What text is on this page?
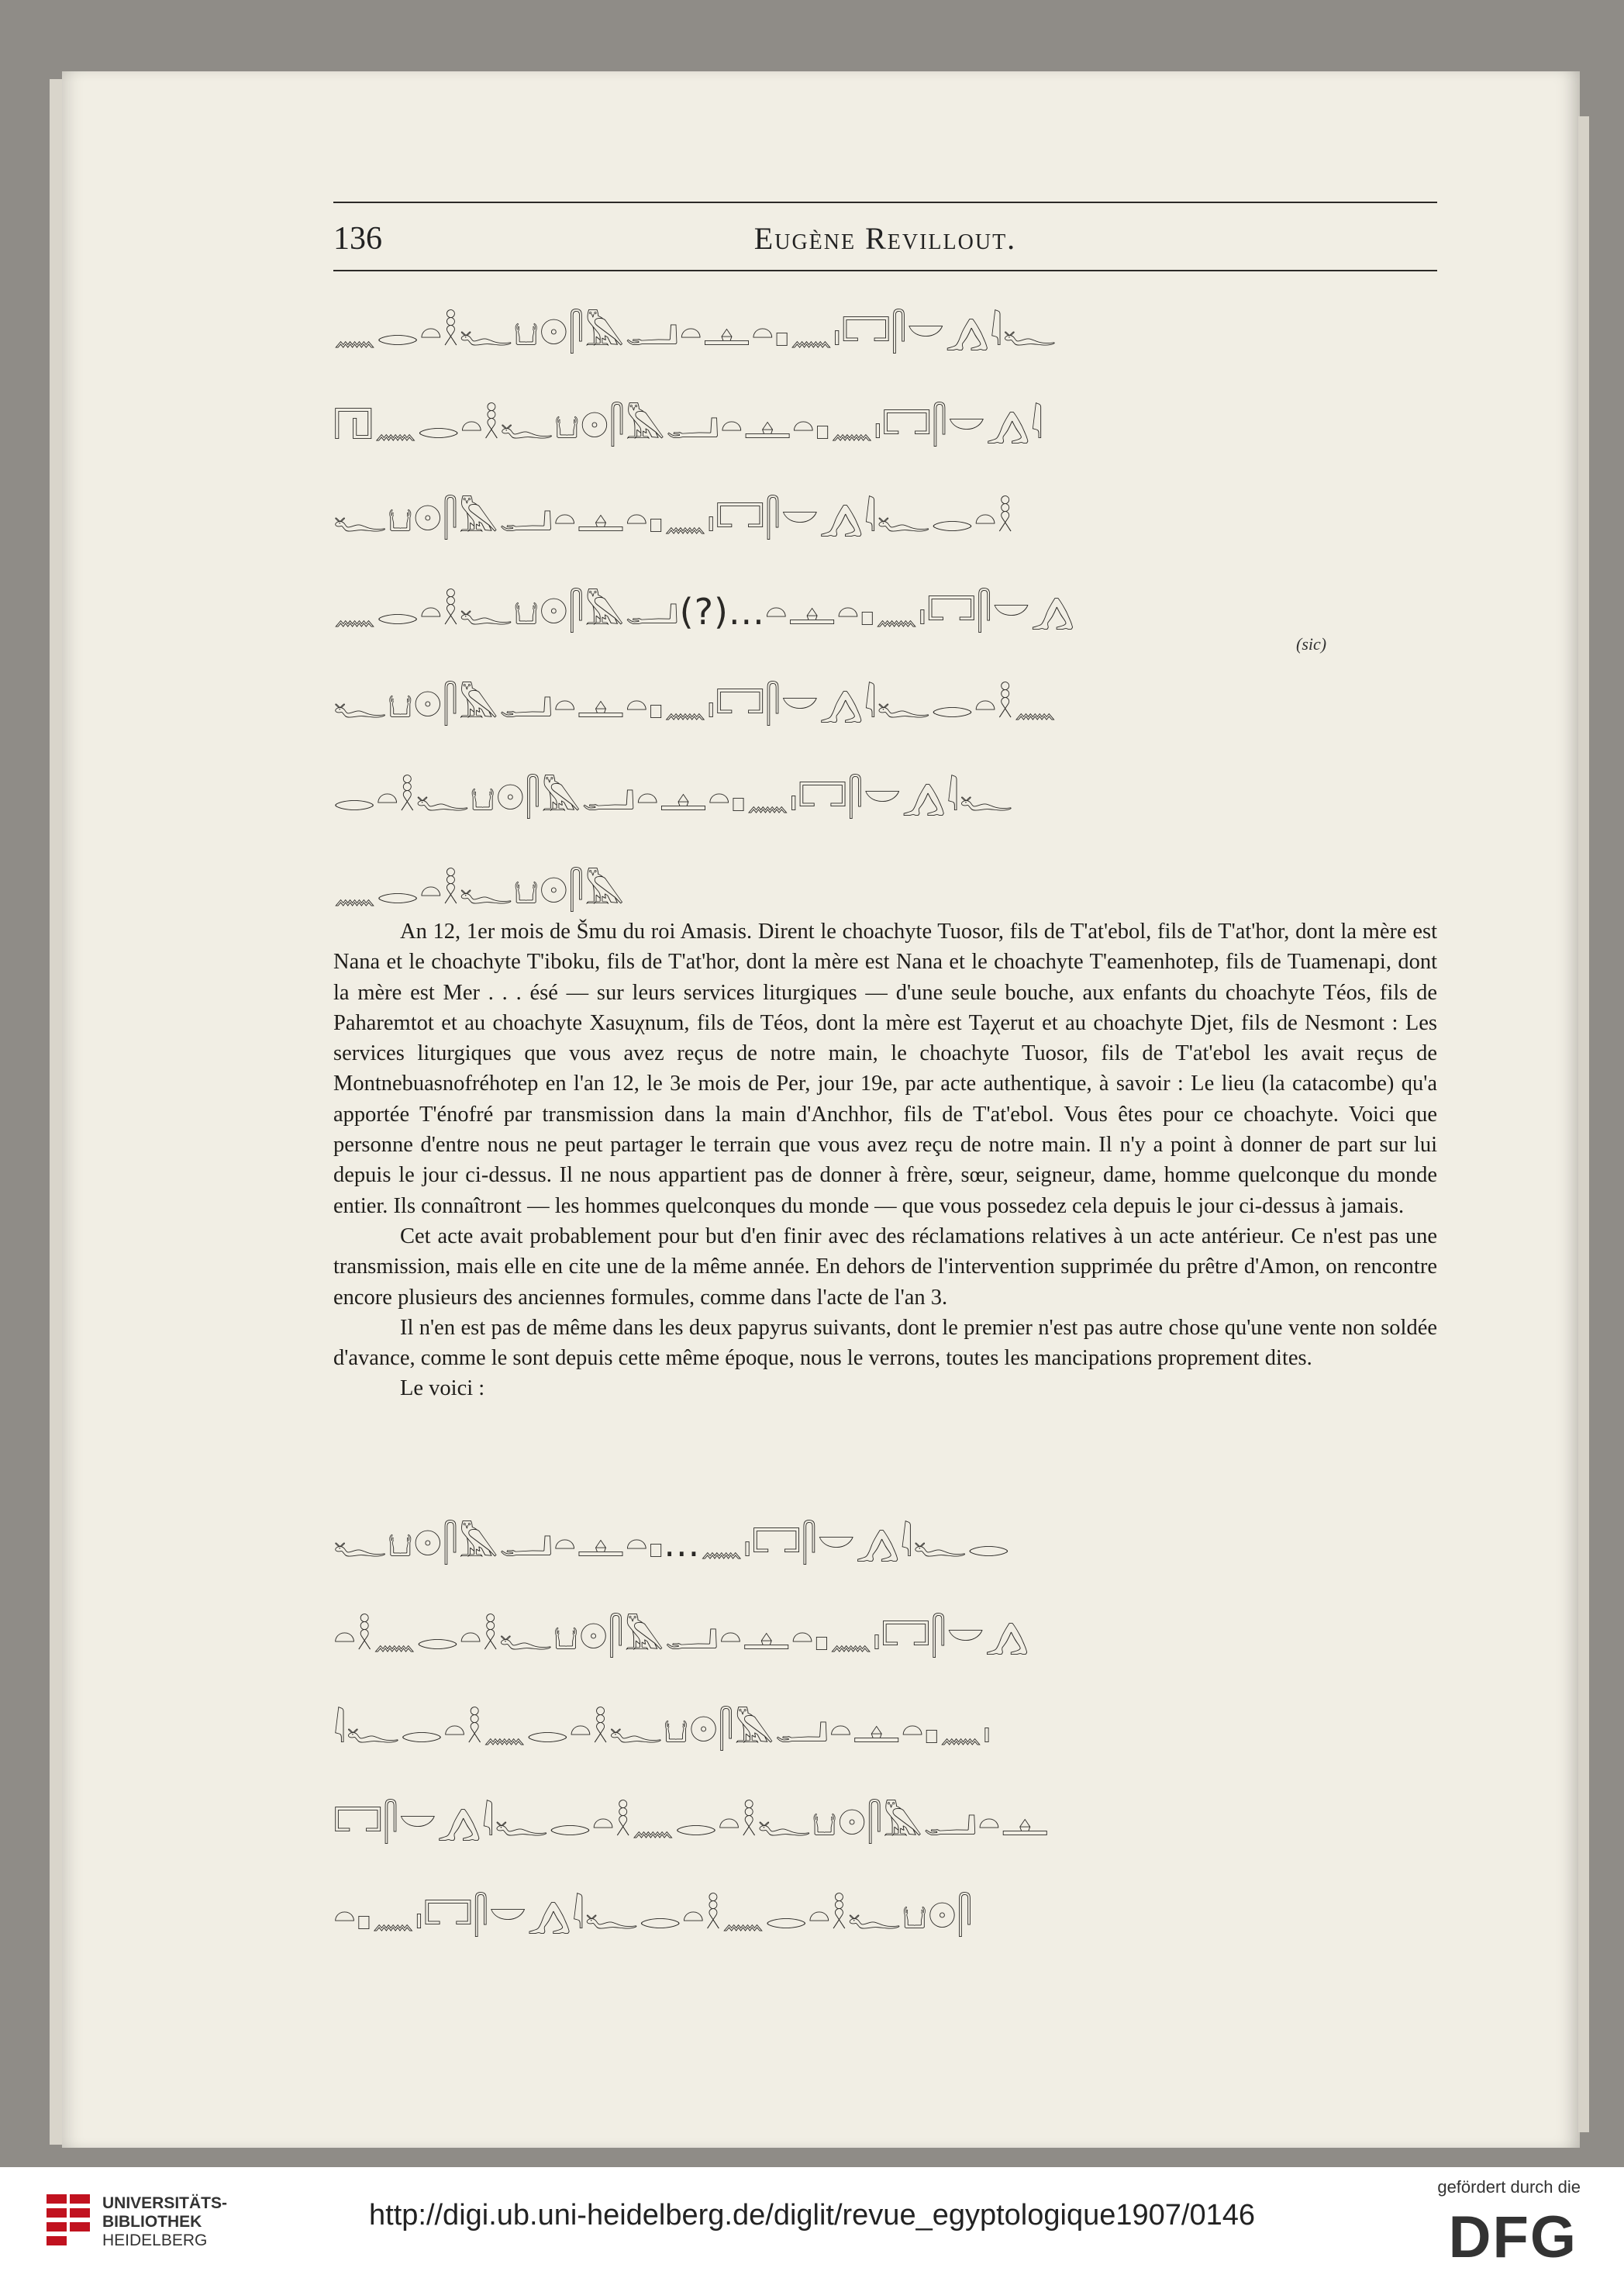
136	Eugène Revillout.
𓈖𓂋𓏏𓎛𓆑𓂓𓇳𓋴𓅓𓂝𓏏𓊵𓏏𓊪𓈖𓏤𓉐𓋴𓎟𓂻𓇋𓆑
𓉔𓈖𓂋𓏏𓎛𓆑𓂓𓇳𓋴𓅓𓂝𓏏𓊵𓏏𓊪𓈖𓏤𓉐𓋴𓎟𓂻𓇋
𓆑𓂓𓇳𓋴𓅓𓂝𓏏𓊵𓏏𓊪𓈖𓏤𓉐𓋴𓎟𓂻𓇋𓆑𓂋𓏏𓎛
𓈖𓂋𓏏𓎛𓆑𓂓𓇳𓋴𓅓𓂝(?)...𓏏𓊵𓏏𓊪𓈖𓏤𓉐𓋴𓎟𓂻
𓆑𓂓𓇳𓋴𓅓𓂝𓏏𓊵𓏏𓊪𓈖𓏤𓉐𓋴𓎟𓂻𓇋𓆑𓂋𓏏𓎛𓈖
𓂋𓏏𓎛𓆑𓂓𓇳𓋴𓅓𓂝𓏏𓊵𓏏𓊪𓈖𓏤𓉐𓋴𓎟𓂻𓇋𓆑
𓈖𓂋𓏏𓎛𓆑𓂓𓇳𓋴𓅓
(sic)

An 12, 1er mois de Šmu du roi Amasis. Dirent le choachyte Tuosor, fils de T'at'ebol, fils de T'at'hor, dont la mère est Nana et le choachyte T'iboku, fils de T'at'hor, dont la mère est Nana et le choachyte T'eamenhotep, fils de Tuamenapi, dont la mère est Mer . . . ésé — sur leurs services liturgiques — d'une seule bouche, aux enfants du choachyte Téos, fils de Paharemtot et au choachyte Xasuχnum, fils de Téos, dont la mère est Taχerut et au choachyte Djet, fils de Nesmont : Les services liturgiques que vous avez reçus de notre main, le choachyte Tuosor, fils de T'at'ebol les avait reçus de Montnebuasnofréhotep en l'an 12, le 3e mois de Per, jour 19e, par acte authentique, à savoir : Le lieu (la catacombe) qu'a apportée T'énofré par transmission dans la main d'Anchhor, fils de T'at'ebol. Vous êtes pour ce choachyte. Voici que personne d'entre nous ne peut partager le terrain que vous avez reçu de notre main. Il n'y a point à donner de part sur lui depuis le jour ci-dessus. Il ne nous appartient pas de donner à frère, sœur, seigneur, dame, homme quelconque du monde entier. Ils connaîtront — les hommes quelconques du monde — que vous possedez cela depuis le jour ci-dessus à jamais.

Cet acte avait probablement pour but d'en finir avec des réclamations relatives à un acte antérieur. Ce n'est pas une transmission, mais elle en cite une de la même année. En dehors de l'intervention supprimée du prêtre d'Amon, on rencontre encore plusieurs des anciennes formules, comme dans l'acte de l'an 3.

Il n'en est pas de même dans les deux papyrus suivants, dont le premier n'est pas autre chose qu'une vente non soldée d'avance, comme le sont depuis cette même époque, nous le verrons, toutes les mancipations proprement dites.

Le voici :

𓆑𓂓𓇳𓋴𓅓𓂝𓏏𓊵𓏏𓊪...𓈖𓏤𓉐𓋴𓎟𓂻𓇋𓆑𓂋
𓏏𓎛𓈖𓂋𓏏𓎛𓆑𓂓𓇳𓋴𓅓𓂝𓏏𓊵𓏏𓊪𓈖𓏤𓉐𓋴𓎟𓂻
𓇋𓆑𓂋𓏏𓎛𓈖𓂋𓏏𓎛𓆑𓂓𓇳𓋴𓅓𓂝𓏏𓊵𓏏𓊪𓈖𓏤
𓉐𓋴𓎟𓂻𓇋𓆑𓂋𓏏𓎛𓈖𓂋𓏏𓎛𓆑𓂓𓇳𓋴𓅓𓂝𓏏𓊵
𓏏𓊪𓈖𓏤𓉐𓋴𓎟𓂻𓇋𓆑𓂋𓏏𓎛𓈖𓂋𓏏𓎛𓆑𓂓𓇳𓋴
UNIVERSITÄTS-
BIBLIOTHEK
HEIDELBERG
http://digi.ub.uni-heidelberg.de/diglit/revue_egyptologique1907/0146
gefördert durch die
DFG
